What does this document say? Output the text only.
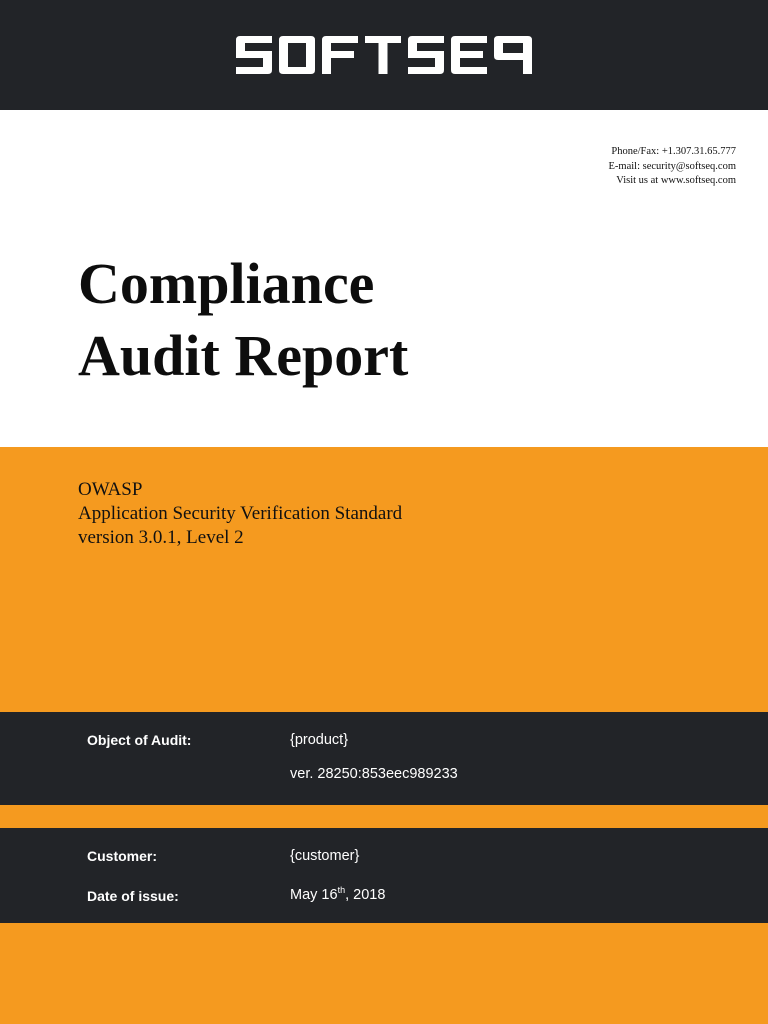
Phone/Fax: +1.307.31.65.777
E-mail: security@softseq.com
Visit us at www.softseq.com
Compliance
Audit Report
OWASP
Application Security Verification Standard
version 3.0.1, Level 2
Object of Audit:	{product}
ver. 28250:853eec989233
Customer:	{customer}
Date of issue:	May 16th, 2018
